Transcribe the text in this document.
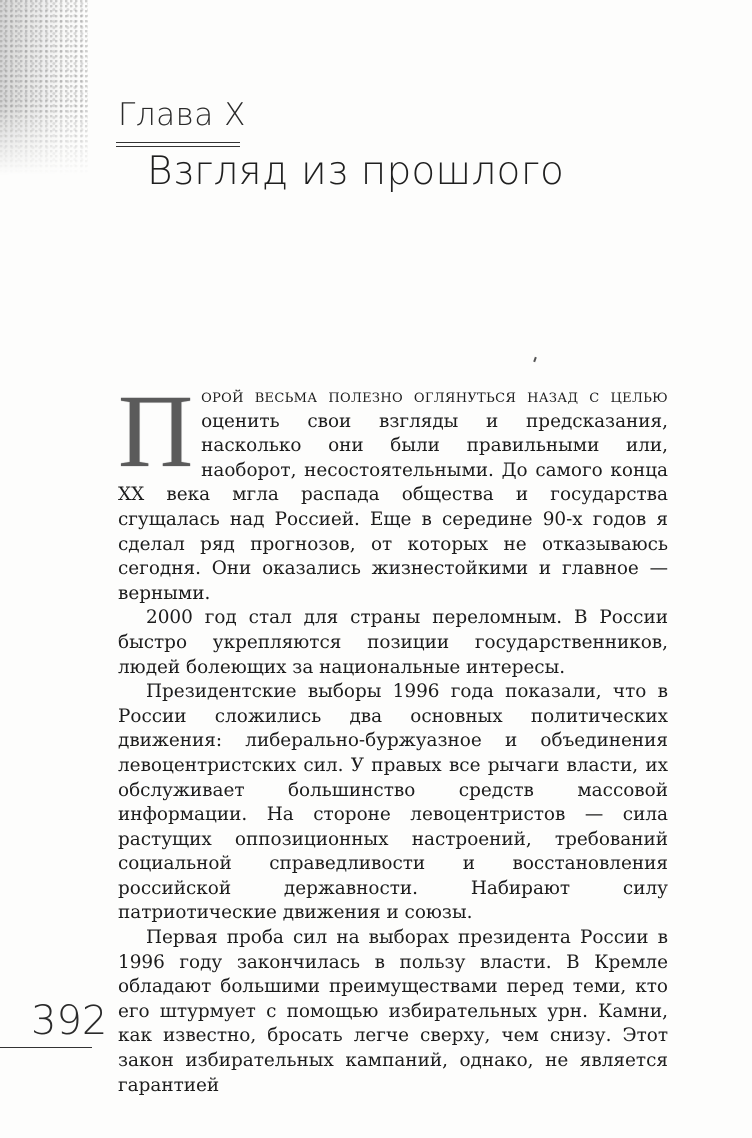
Глава X
Взгляд из прошлого

Порой весьма полезно оглянуться назад с целью оценить свои взгляды и предсказания, насколько они были правильными или, наоборот, несостоятельными. До самого конца XX века мгла распада общества и государства сгущалась над Россией. Еще в середине 90-х годов я сделал ряд прогнозов, от которых не отказываюсь сегодня. Они оказались жизнестойкими и главное — верными.

2000 год стал для страны переломным. В России быстро укрепляются позиции государственников, людей болеющих за национальные интересы.

Президентские выборы 1996 года показали, что в России сложились два основных политических движения: либерально-буржуазное и объединения левоцентристских сил. У правых все рычаги власти, их обслуживает большинство средств массовой информации. На стороне левоцентристов — сила растущих оппозиционных настроений, требований социальной справедливости и восстановления российской державности. Набирают силу патриотические движения и союзы.

Первая проба сил на выборах президента России в 1996 году закончилась в пользу власти. В Кремле обладают большими преимуществами перед теми, кто его штурмует с помощью избирательных урн. Камни, как известно, бросать легче сверху, чем снизу. Этот закон избирательных кампаний, однако, не является гарантией

392
